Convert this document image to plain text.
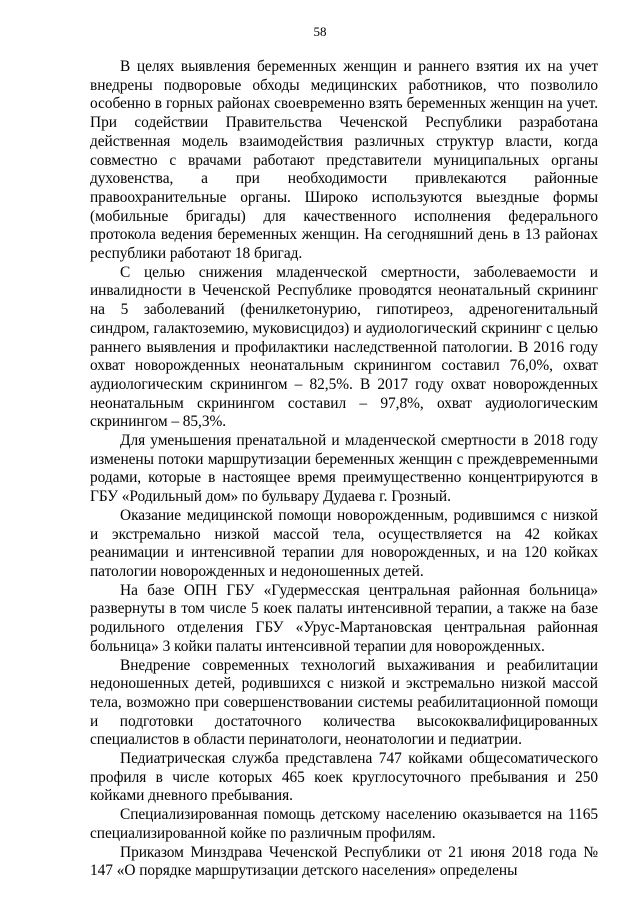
58

В целях выявления беременных женщин и раннего взятия их на учет внедрены подворовые обходы медицинских работников, что позволило особенно в горных районах своевременно взять беременных женщин на учет. При содействии Правительства Чеченской Республики разработана действенная модель взаимодействия различных структур власти, когда совместно с врачами работают представители муниципальных органы духовенства, а при необходимости привлекаются районные правоохранительные органы. Широко используются выездные формы (мобильные бригады) для качественного исполнения федерального протокола ведения беременных женщин. На сегодняшний день в 13 районах республики работают 18 бригад.

С целью снижения младенческой смертности, заболеваемости и инвалидности в Чеченской Республике проводятся неонатальный скрининг на 5 заболеваний (фенилкетонурию, гипотиреоз, адреногенитальный синдром, галактоземию, муковисцидоз) и аудиологический скрининг с целью раннего выявления и профилактики наследственной патологии. В 2016 году охват новорожденных неонатальным скринингом составил 76,0%, охват аудиологическим скринингом – 82,5%. В 2017 году охват новорожденных неонатальным скринингом составил – 97,8%, охват аудиологическим скринингом – 85,3%.

Для уменьшения пренатальной и младенческой смертности в 2018 году изменены потоки маршрутизации беременных женщин с преждевременными родами, которые в настоящее время преимущественно концентрируются в ГБУ «Родильный дом» по бульвару Дудаева г. Грозный.

Оказание медицинской помощи новорожденным, родившимся с низкой и экстремально низкой массой тела, осуществляется на 42 койках реанимации и интенсивной терапии для новорожденных, и на 120 койках патологии новорожденных и недоношенных детей.

На базе ОПН ГБУ «Гудермесская центральная районная больница» развернуты в том числе 5 коек палаты интенсивной терапии, а также на базе родильного отделения ГБУ «Урус-Мартановская центральная районная больница» 3 койки палаты интенсивной терапии для новорожденных.

Внедрение современных технологий выхаживания и реабилитации недоношенных детей, родившихся с низкой и экстремально низкой массой тела, возможно при совершенствовании системы реабилитационной помощи и подготовки достаточного количества высококвалифицированных специалистов в области перинатологи, неонатологии и педиатрии.

Педиатрическая служба представлена 747 койками общесоматического профиля в числе которых 465 коек круглосуточного пребывания и 250 койками дневного пребывания.

Специализированная помощь детскому населению оказывается на 1165 специализированной койке по различным профилям.

Приказом Минздрава Чеченской Республики от 21 июня 2018 года № 147 «О порядке маршрутизации детского населения» определены
